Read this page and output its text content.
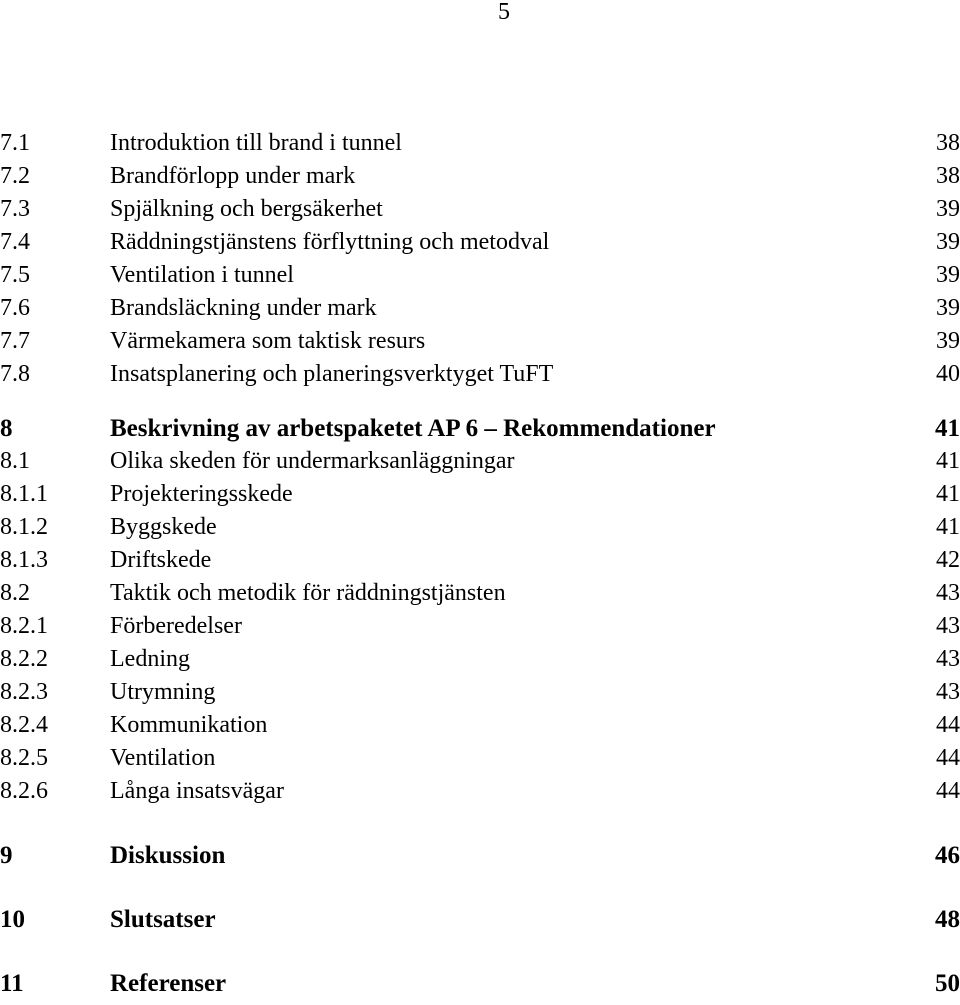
5
7.1	Introduktion till brand i tunnel	38
7.2	Brandförlopp under mark	38
7.3	Spjälkning och bergsäkerhet	39
7.4	Räddningstjänstens förflyttning och metodval	39
7.5	Ventilation i tunnel	39
7.6	Brandsläckning under mark	39
7.7	Värmekamera som taktisk resurs	39
7.8	Insatsplanering och planeringsverktyget TuFT	40
8	Beskrivning av arbetspaketet AP 6 – Rekommendationer	41
8.1	Olika skeden för undermarksanläggningar	41
8.1.1	Projekteringsskede	41
8.1.2	Byggskede	41
8.1.3	Driftskede	42
8.2	Taktik och metodik för räddningstjänsten	43
8.2.1	Förberedelser	43
8.2.2	Ledning	43
8.2.3	Utrymning	43
8.2.4	Kommunikation	44
8.2.5	Ventilation	44
8.2.6	Långa insatsvägar	44
9	Diskussion	46
10	Slutsatser	48
11	Referenser	50
